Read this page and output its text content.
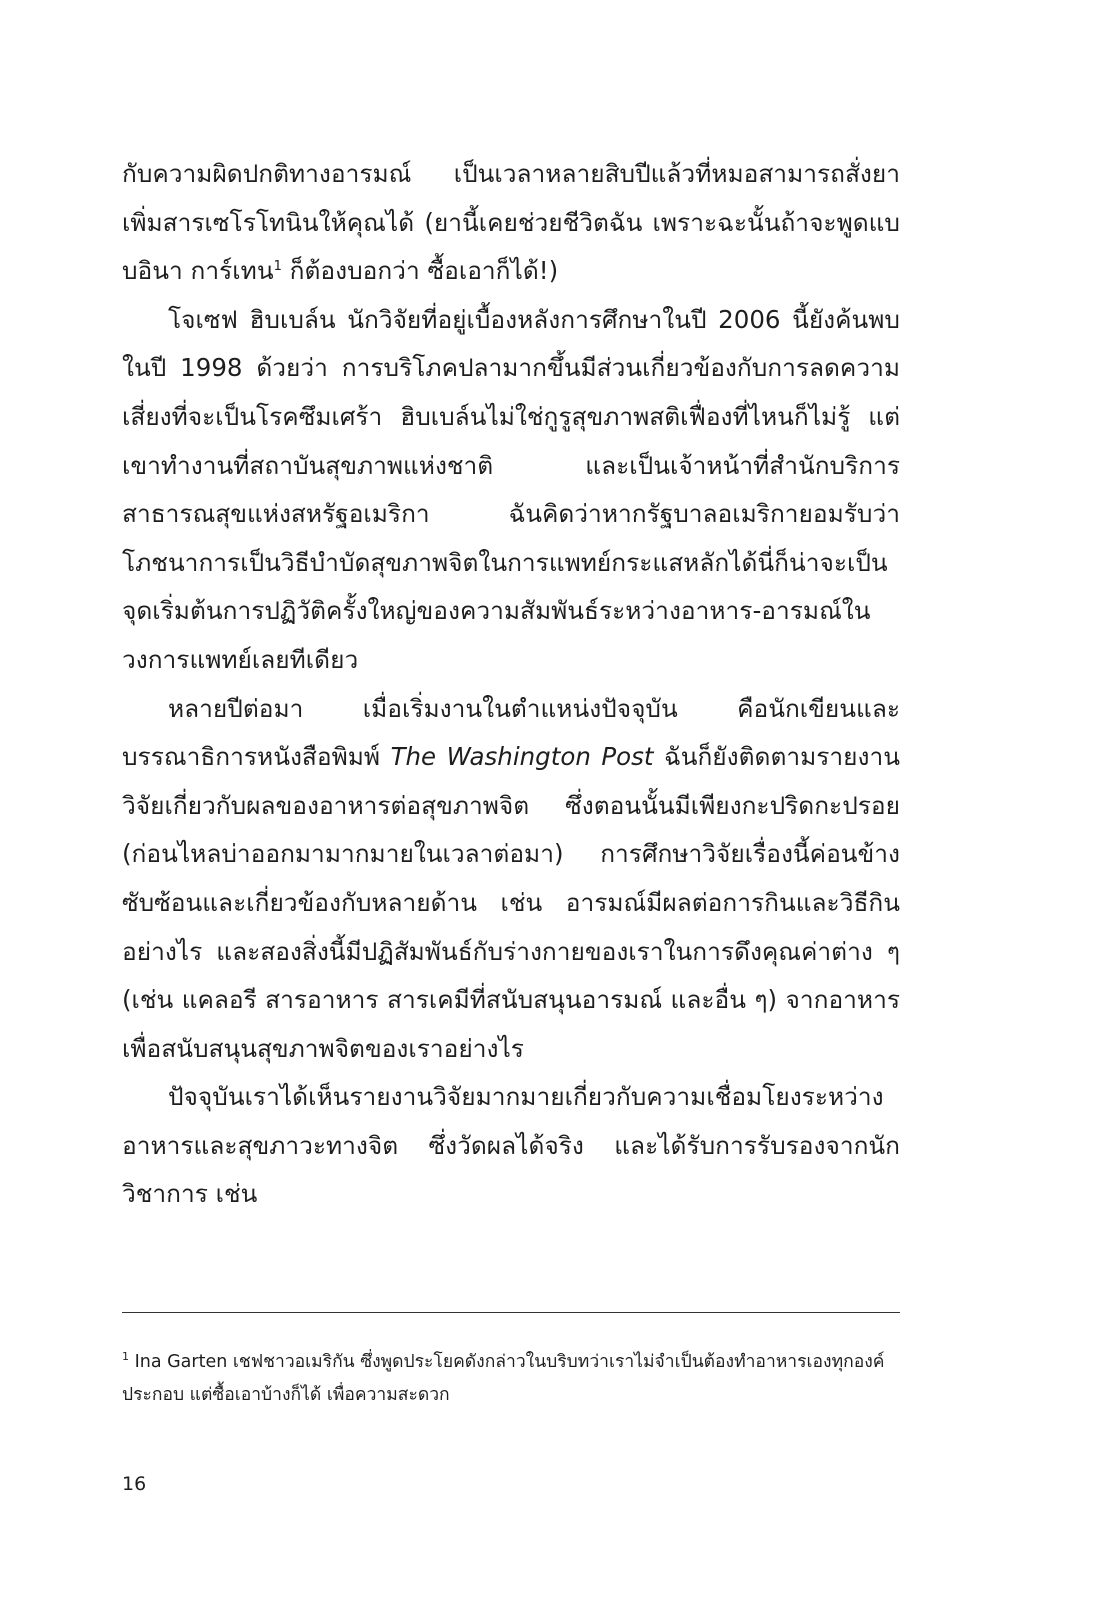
กับความผิดปกติทางอารมณ์ เป็นเวลาหลายสิบปีแล้วที่หมอสามารถสั่งยาเพิ่มสารเซโรโทนินให้คุณได้ (ยานี้เคยช่วยชีวิตฉัน เพราะฉะนั้นถ้าจะพูดแบบอินา การ์เทน$^1$ ก็ต้องบอกว่า ซื้อเอาก็ได้!)

โจเซฟ ฮิบเบล์น นักวิจัยที่อยู่เบื้องหลังการศึกษาในปี 2006 นี้ยังค้นพบในปี 1998 ด้วยว่า การบริโภคปลามากขึ้นมีส่วนเกี่ยวข้องกับการลดความเสี่ยงที่จะเป็นโรคซึมเศร้า ฮิบเบล์นไม่ใช่กูรูสุขภาพสติเฟื่องที่ไหนก็ไม่รู้ แต่เขาทำงานที่สถาบันสุขภาพแห่งชาติ และเป็นเจ้าหน้าที่สำนักบริการสาธารณสุขแห่งสหรัฐอเมริกา ฉันคิดว่าหากรัฐบาลอเมริกายอมรับว่าโภชนาการเป็นวิธีบำบัดสุขภาพจิตในการแพทย์กระแสหลักได้นี่ก็น่าจะเป็นจุดเริ่มต้นการปฏิวัติครั้งใหญ่ของความสัมพันธ์ระหว่างอาหาร-อารมณ์ในวงการแพทย์เลยทีเดียว

หลายปีต่อมา เมื่อเริ่มงานในตำแหน่งปัจจุบัน คือนักเขียนและบรรณาธิการหนังสือพิมพ์ The Washington Post ฉันก็ยังติดตามรายงานวิจัยเกี่ยวกับผลของอาหารต่อสุขภาพจิต ซึ่งตอนนั้นมีเพียงกะปริดกะปรอย (ก่อนไหลบ่าออกมามากมายในเวลาต่อมา) การศึกษาวิจัยเรื่องนี้ค่อนข้างซับซ้อนและเกี่ยวข้องกับหลายด้าน เช่น อารมณ์มีผลต่อการกินและวิธีกินอย่างไร และสองสิ่งนี้มีปฏิสัมพันธ์กับร่างกายของเราในการดึงคุณค่าต่าง ๆ (เช่น แคลอรี สารอาหาร สารเคมีที่สนับสนุนอารมณ์ และอื่น ๆ) จากอาหารเพื่อสนับสนุนสุขภาพจิตของเราอย่างไร

ปัจจุบันเราได้เห็นรายงานวิจัยมากมายเกี่ยวกับความเชื่อมโยงระหว่างอาหารและสุขภาวะทางจิต ซึ่งวัดผลได้จริง และได้รับการรับรองจากนักวิชาการ เช่น

$^1$ Ina Garten เชฟชาวอเมริกัน ซึ่งพูดประโยคดังกล่าวในบริบทว่าเราไม่จำเป็นต้องทำอาหารเองทุกองค์ประกอบ แต่ซื้อเอาบ้างก็ได้ เพื่อความสะดวก

16
